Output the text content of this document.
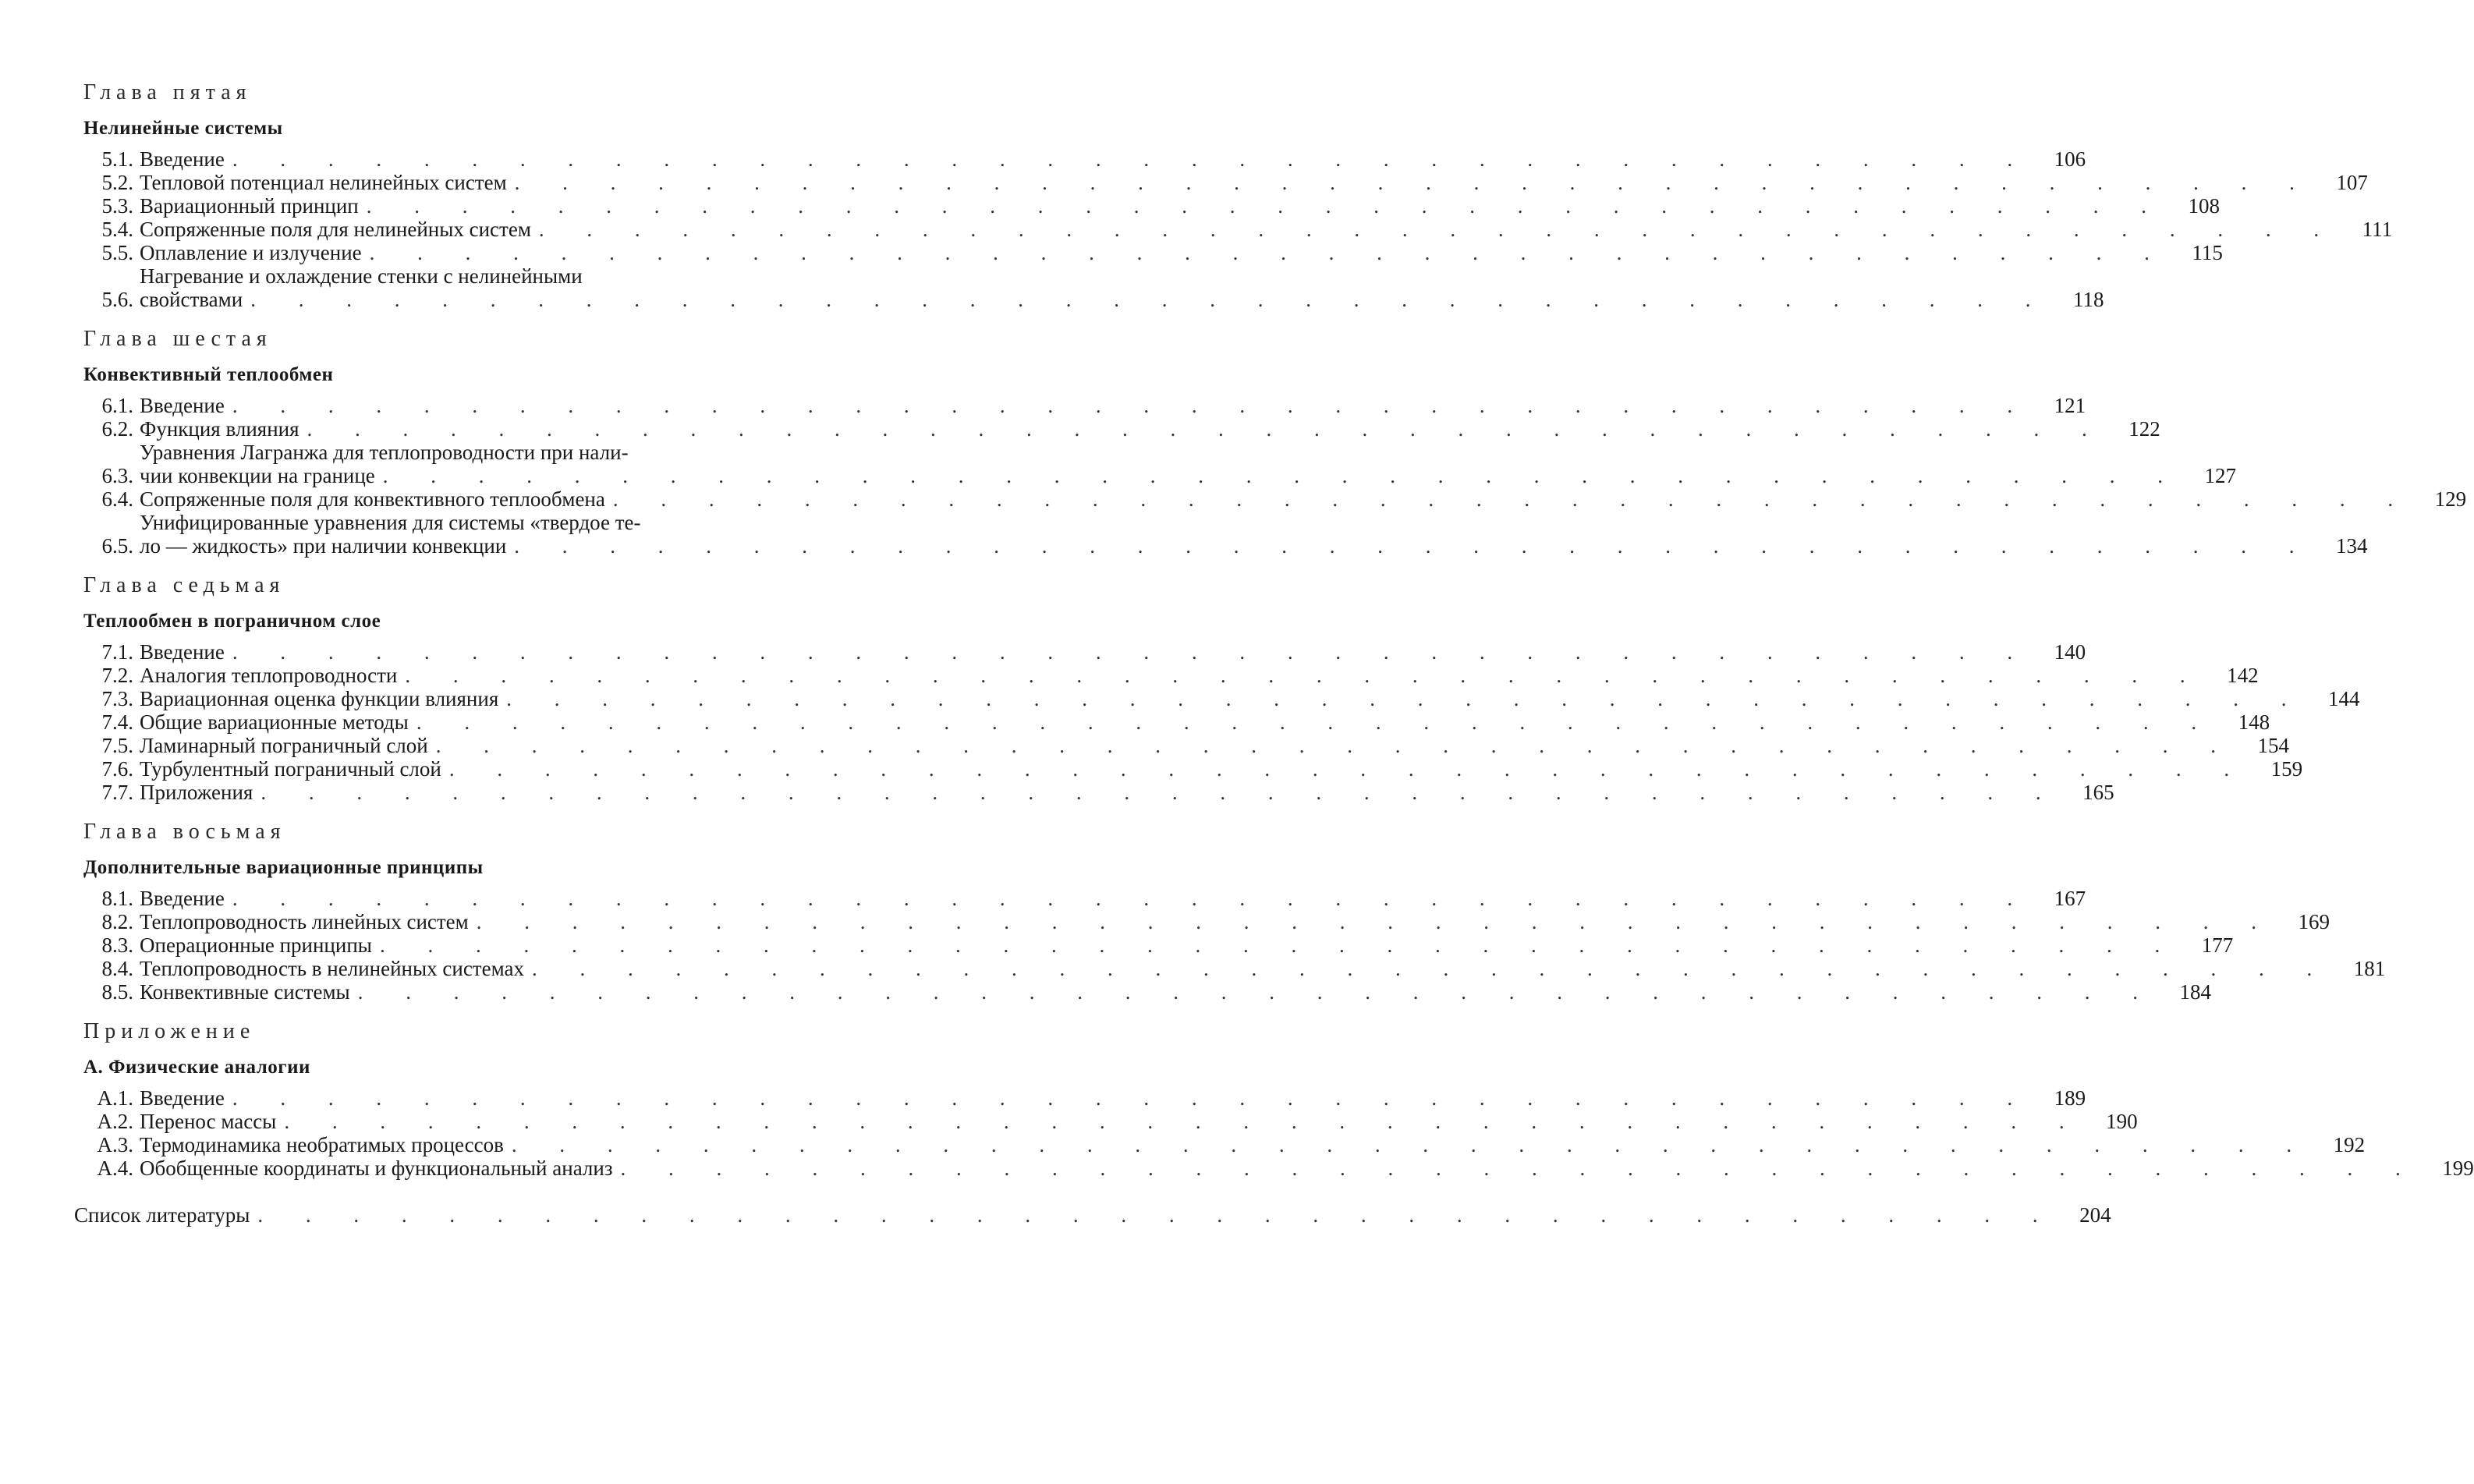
Глава пятая
Нелинейные системы
5.1. Введение . . .	106
5.2. Тепловой потенциал нелинейных систем . . .	107
5.3. Вариационный принцип . . .	108
5.4. Сопряженные поля для нелинейных систем . . .	111
5.5. Оплавление и излучение . . .	115
5.6.
Нагревание и охлаждение стенки с нелинейными
свойствами . . .	118
Глава шестая
Конвективный теплообмен
6.1. Введение . . .	121
6.2. Функция влияния . . .	122
6.3.
Уравнения Лагранжа для теплопроводности при нали-
чии конвекции на границе . . .	127
6.4. Сопряженные поля для конвективного теплообмена . . .	129
6.5.
Унифицированные уравнения для системы «твердое те-
ло — жидкость» при наличии конвекции . . .	134
Глава седьмая
Теплообмен в пограничном слое
7.1. Введение . . .	140
7.2. Аналогия теплопроводности . . .	142
7.3. Вариационная оценка функции влияния . . .	144
7.4. Общие вариационные методы . . .	148
7.5. Ламинарный пограничный слой . . .	154
7.6. Турбулентный пограничный слой . . .	159
7.7. Приложения . . .	165
Глава восьмая
Дополнительные вариационные принципы
8.1. Введение . . .	167
8.2. Теплопроводность линейных систем . . .	169
8.3. Операционные принципы . . .	177
8.4. Теплопроводность в нелинейных системах . . .	181
8.5. Конвективные системы . . .	184
Приложение
А. Физические аналогии
А.1. Введение . . .	189
А.2. Перенос массы . . .	190
А.3. Термодинамика необратимых процессов . . .	192
А.4. Обобщенные координаты и функциональный анализ . . .	199
Список литературы . . .	204
